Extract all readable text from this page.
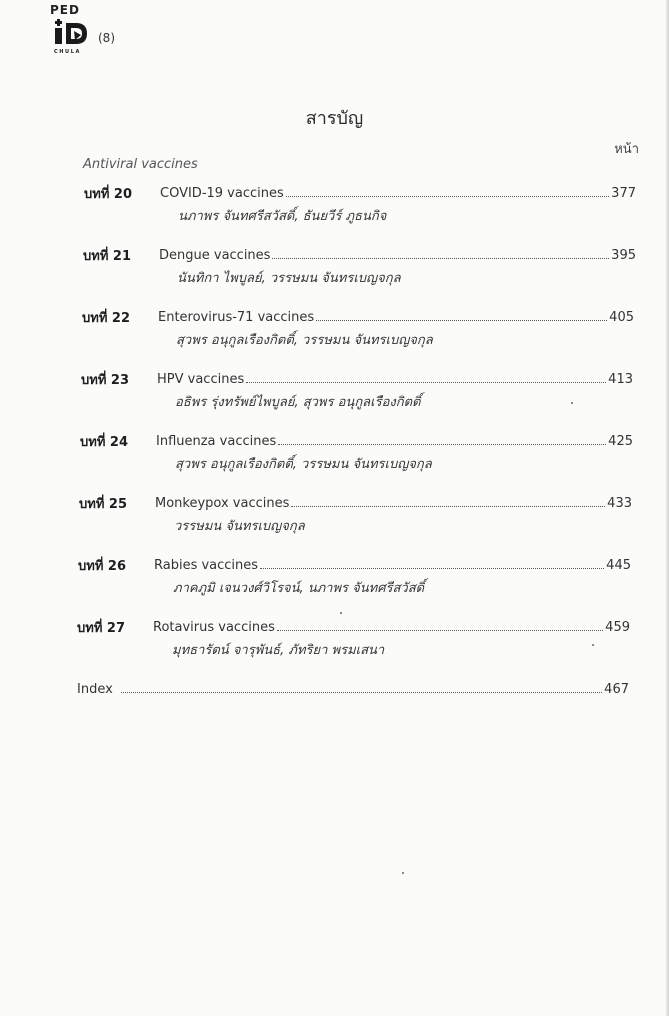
PED
CHULA
(8)
สารบัญ
หน้า
Antiviral vaccines
บทที่ 20 COVID-19 vaccines	377
นภาพร จันทศรีสวัสดิ์, ธันยวีร์ ภูธนกิจ
บทที่ 21 Dengue vaccines	395
นันทิกา ไพบูลย์, วรรษมน จันทรเบญจกุล
บทที่ 22 Enterovirus-71 vaccines	405
สุวพร อนุกูลเรืองกิตติ์, วรรษมน จันทรเบญจกุล
บทที่ 23 HPV vaccines	413
อธิพร รุ่งทรัพย์ไพบูลย์, สุวพร อนุกูลเรืองกิตติ์
บทที่ 24 Influenza vaccines	425
สุวพร อนุกูลเรืองกิตติ์, วรรษมน จันทรเบญจกุล
บทที่ 25 Monkeypox vaccines	433
วรรษมน จันทรเบญจกุล
บทที่ 26 Rabies vaccines	445
ภาคภูมิ เจนวงศ์วิโรจน์, นภาพร จันทศรีสวัสดิ์
บทที่ 27 Rotavirus vaccines	459
มุทธารัตน์ จารุพันธ์, ภัทริยา พรมเสนา
Index	467
